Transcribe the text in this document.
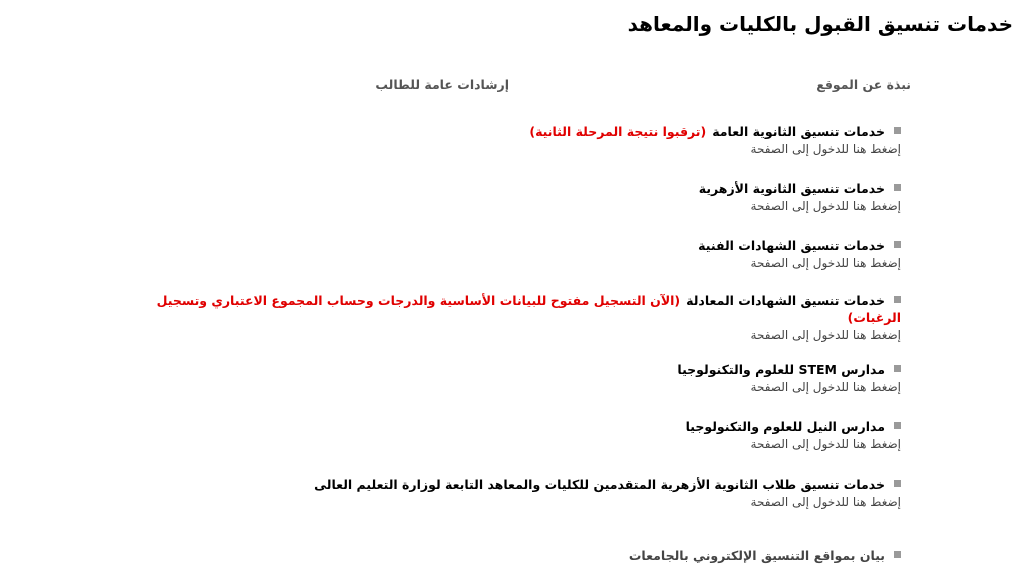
خدمات تنسيق القبول بالكليات والمعاهد
نبذة عن الموقع
إرشادات عامة للطالب
خدمات تنسيق الثانوية العامة(ترقبوا نتيجة المرحلة الثانية)
إضغط هنا للدخول إلى الصفحة
خدمات تنسيق الثانوية الأزهرية
إضغط هنا للدخول إلى الصفحة
خدمات تنسيق الشهادات الفنية
إضغط هنا للدخول إلى الصفحة
خدمات تنسيق الشهادات المعادلة(الآن التسجيل مفتوح للبيانات الأساسية والدرجات وحساب المجموع الاعتباري وتسجيل الرغبات)
إضغط هنا للدخول إلى الصفحة
مدارس STEM للعلوم والتكنولوجيا
إضغط هنا للدخول إلى الصفحة
مدارس النيل للعلوم والتكنولوجيا
إضغط هنا للدخول إلى الصفحة
خدمات تنسيق طلاب الثانوية الأزهرية المتقدمين للكليات والمعاهد التابعة لوزارة التعليم العالى
إضغط هنا للدخول إلى الصفحة
بيان بمواقع التنسيق الإلكتروني بالجامعات
